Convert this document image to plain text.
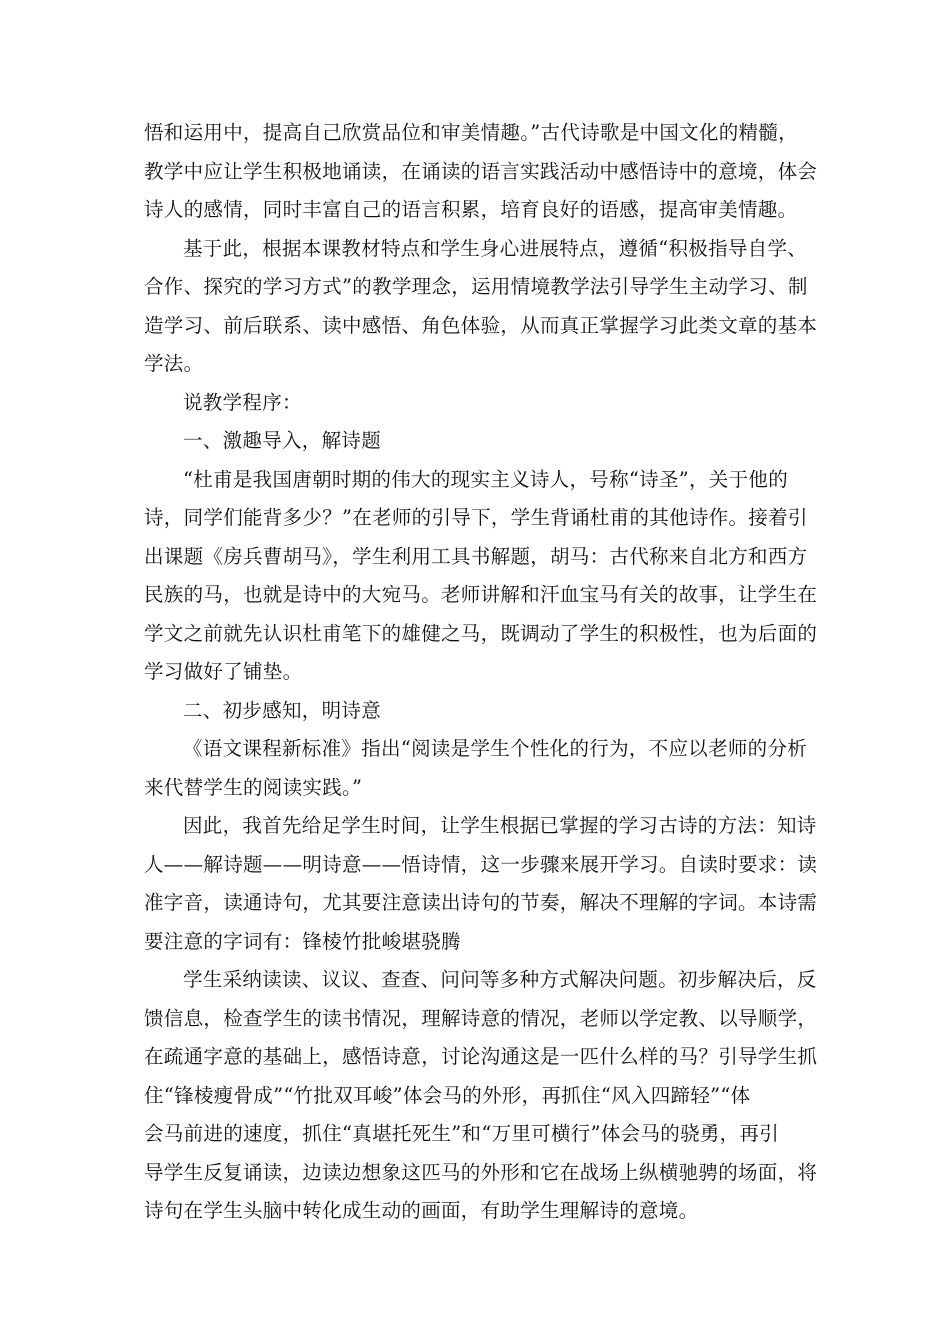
悟和运用中，提高自己欣赏品位和审美情趣。”古代诗歌是中国文化的精髓，
教学中应让学生积极地诵读，在诵读的语言实践活动中感悟诗中的意境，体会
诗人的感情，同时丰富自己的语言积累，培育良好的语感，提高审美情趣。
基于此，根据本课教材特点和学生身心进展特点，遵循“积极指导自学、
合作、探究的学习方式”的教学理念，运用情境教学法引导学生主动学习、制
造学习、前后联系、读中感悟、角色体验，从而真正掌握学习此类文章的基本
学法。
说教学程序：
一、激趣导入，解诗题
“杜甫是我国唐朝时期的伟大的现实主义诗人，号称“诗圣”，关于他的
诗，同学们能背多少？”在老师的引导下，学生背诵杜甫的其他诗作。接着引
出课题《房兵曹胡马》，学生利用工具书解题，胡马：古代称来自北方和西方
民族的马，也就是诗中的大宛马。老师讲解和汗血宝马有关的故事，让学生在
学文之前就先认识杜甫笔下的雄健之马，既调动了学生的积极性，也为后面的
学习做好了铺垫。
二、初步感知，明诗意
《语文课程新标准》指出“阅读是学生个性化的行为，不应以老师的分析
来代替学生的阅读实践。”
因此，我首先给足学生时间，让学生根据已掌握的学习古诗的方法：知诗
人——解诗题——明诗意——悟诗情，这一步骤来展开学习。自读时要求：读
准字音，读通诗句，尤其要注意读出诗句的节奏，解决不理解的字词。本诗需
要注意的字词有：锋棱竹批峻堪骁腾
学生采纳读读、议议、查查、问问等多种方式解决问题。初步解决后，反
馈信息，检查学生的读书情况，理解诗意的情况，老师以学定教、以导顺学，
在疏通字意的基础上，感悟诗意，讨论沟通这是一匹什么样的马？引导学生抓
住“锋棱瘦骨成”“竹批双耳峻”体会马的外形，再抓住“风入四蹄轻”“体
会马前进的速度，抓住“真堪托死生”和“万里可横行”体会马的骁勇，再引
导学生反复诵读，边读边想象这匹马的外形和它在战场上纵横驰骋的场面，将
诗句在学生头脑中转化成生动的画面，有助学生理解诗的意境。
